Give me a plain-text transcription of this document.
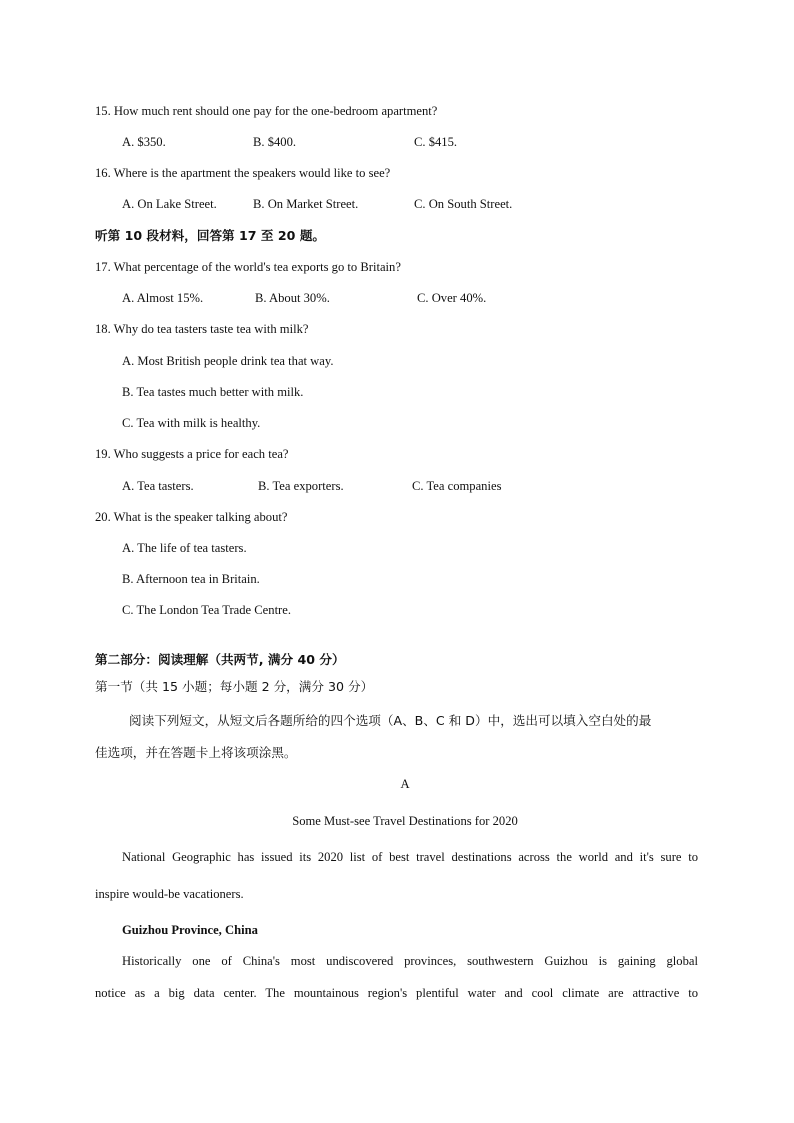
15. How much rent should one pay for the one-bedroom apartment?
A. $350.	B. $400.	C. $415.
16. Where is the apartment the speakers would like to see?
A. On Lake Street.	B. On Market Street.	C. On South Street.
听第 10 段材料，回答第 17 至 20 题。
17. What percentage of the world's tea exports go to Britain?
A. Almost 15%.	B. About 30%.	C. Over 40%.
18. Why do tea tasters taste tea with milk?
A. Most British people drink tea that way.
B. Tea tastes much better with milk.
C. Tea with milk is healthy.
19. Who suggests a price for each tea?
A. Tea tasters.	B. Tea exporters.	C. Tea companies
20. What is the speaker talking about?
A. The life of tea tasters.
B. Afternoon tea in Britain.
C. The London Tea Trade Centre.
第二部分：阅读理解（共两节, 满分 40 分）
第一节（共 15 小题；每小题 2 分，满分 30 分）
阅读下列短文，从短文后各题所给的四个选项（A、B、C 和 D）中，选出可以填入空白处的最
佳选项，并在答题卡上将该项涂黑。
A
Some Must-see Travel Destinations for 2020
National Geographic has issued its 2020 list of best travel destinations across the world and it's sure to
inspire would-be vacationers.
Guizhou Province, China
Historically one of China's most undiscovered provinces, southwestern Guizhou is gaining global
notice as a big data center. The mountainous region's plentiful water and cool climate are attractive to
